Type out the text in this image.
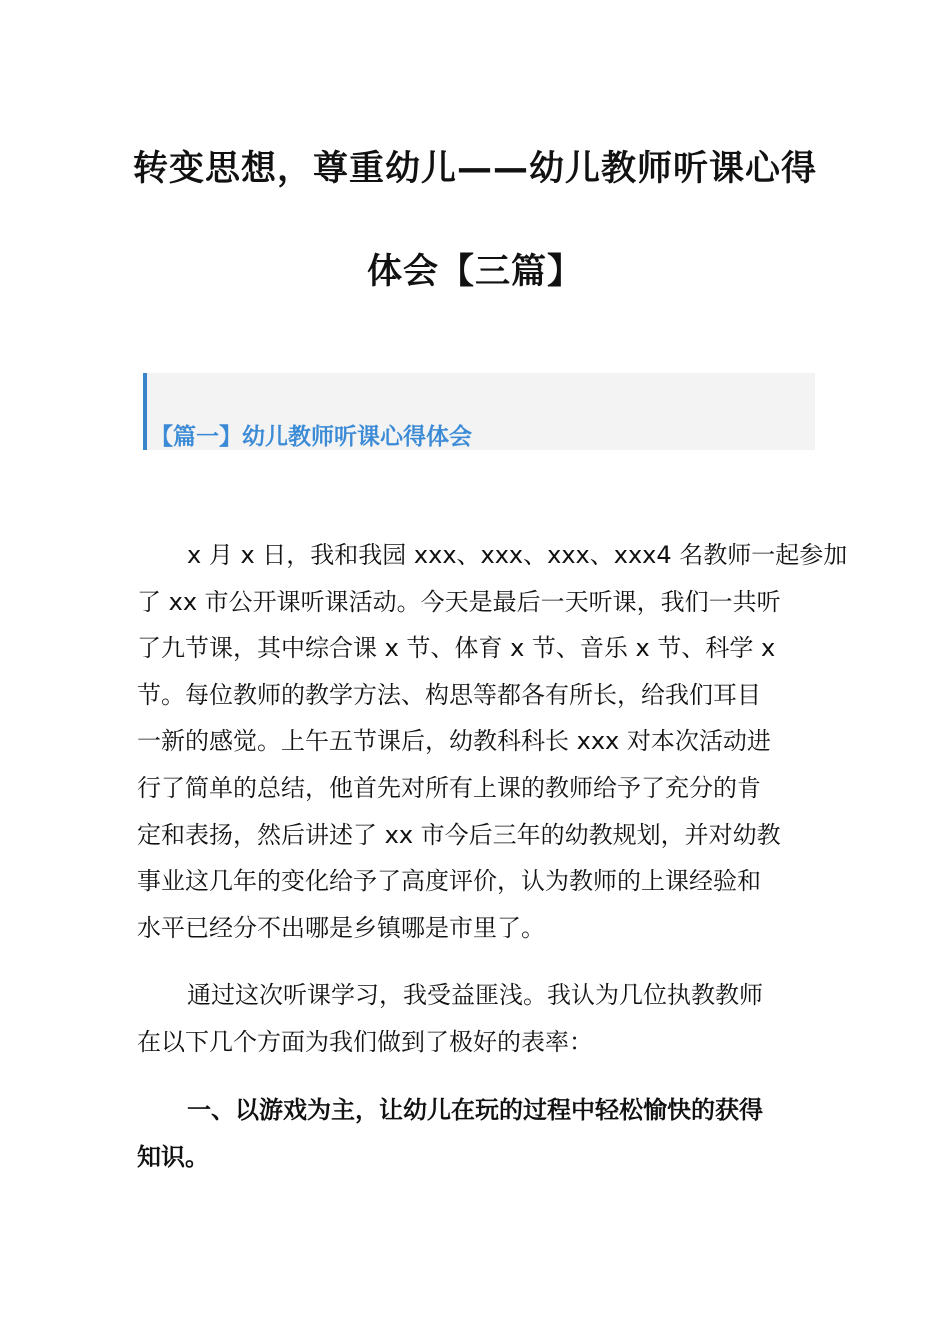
转变思想，尊重幼儿——幼儿教师听课心得
体会【三篇】
【篇一】幼儿教师听课心得体会

x 月 x 日，我和我园 xxx、xxx、xxx、xxx4 名教师一起参加
了 xx 市公开课听课活动。今天是最后一天听课，我们一共听
了九节课，其中综合课 x 节、体育 x 节、音乐 x 节、科学 x
节。每位教师的教学方法、构思等都各有所长，给我们耳目
一新的感觉。上午五节课后，幼教科科长 xxx 对本次活动进
行了简单的总结，他首先对所有上课的教师给予了充分的肯
定和表扬，然后讲述了 xx 市今后三年的幼教规划，并对幼教
事业这几年的变化给予了高度评价，认为教师的上课经验和
水平已经分不出哪是乡镇哪是市里了。

通过这次听课学习，我受益匪浅。我认为几位执教教师
在以下几个方面为我们做到了极好的表率：

一、以游戏为主，让幼儿在玩的过程中轻松愉快的获得
知识。
